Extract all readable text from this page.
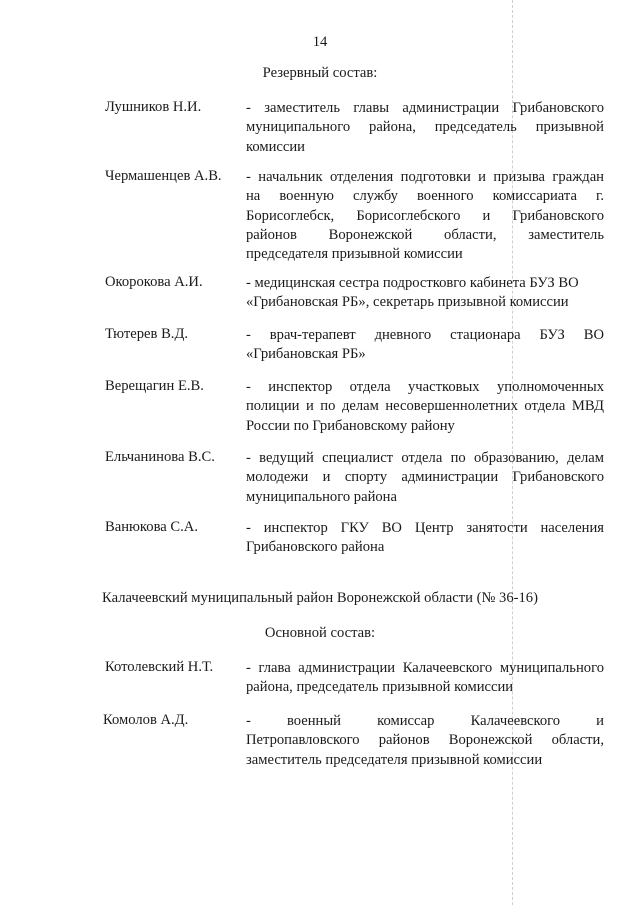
14
Резервный состав:
Лушников Н.И.	- заместитель главы администрации Грибановского
муниципального района, председатель призывной
комиссии
Чермашенцев А.В. - начальник отделения подготовки и призыва граждан
на военную службу военного комиссариата г.
Борисоглебск, Борисоглебского и Грибановского
районов Воронежской области, заместитель
председателя призывной комиссии
Окорокова А.И.	- медицинская сестра подростковго кабинета БУЗ ВО
«Грибановская РБ», секретарь призывной комиссии
Тютерев В.Д.	- врач-терапевт дневного стационара БУЗ ВО
«Грибановская РБ»
Верещагин Е.В.	- инспектор отдела участковых уполномоченных
полиции и по делам несовершеннолетних отдела МВД
России по Грибановскому району
Ельчанинова В.С. - ведущий специалист отдела по образованию, делам
молодежи и спорту администрации Грибановского
муниципального района
Ванюкова С.А.	- инспектор ГКУ ВО Центр занятости населения
Грибановского района
Калачеевский муниципальный район Воронежской области (№ 36-16)
Основной состав:
Котолевский Н.Т. - глава администрации Калачеевского муниципального
района, председатель призывной комиссии
Комолов А.Д.	- военный комиссар Калачеевского и
Петропавловского районов Воронежской области,
заместитель председателя призывной комиссии
